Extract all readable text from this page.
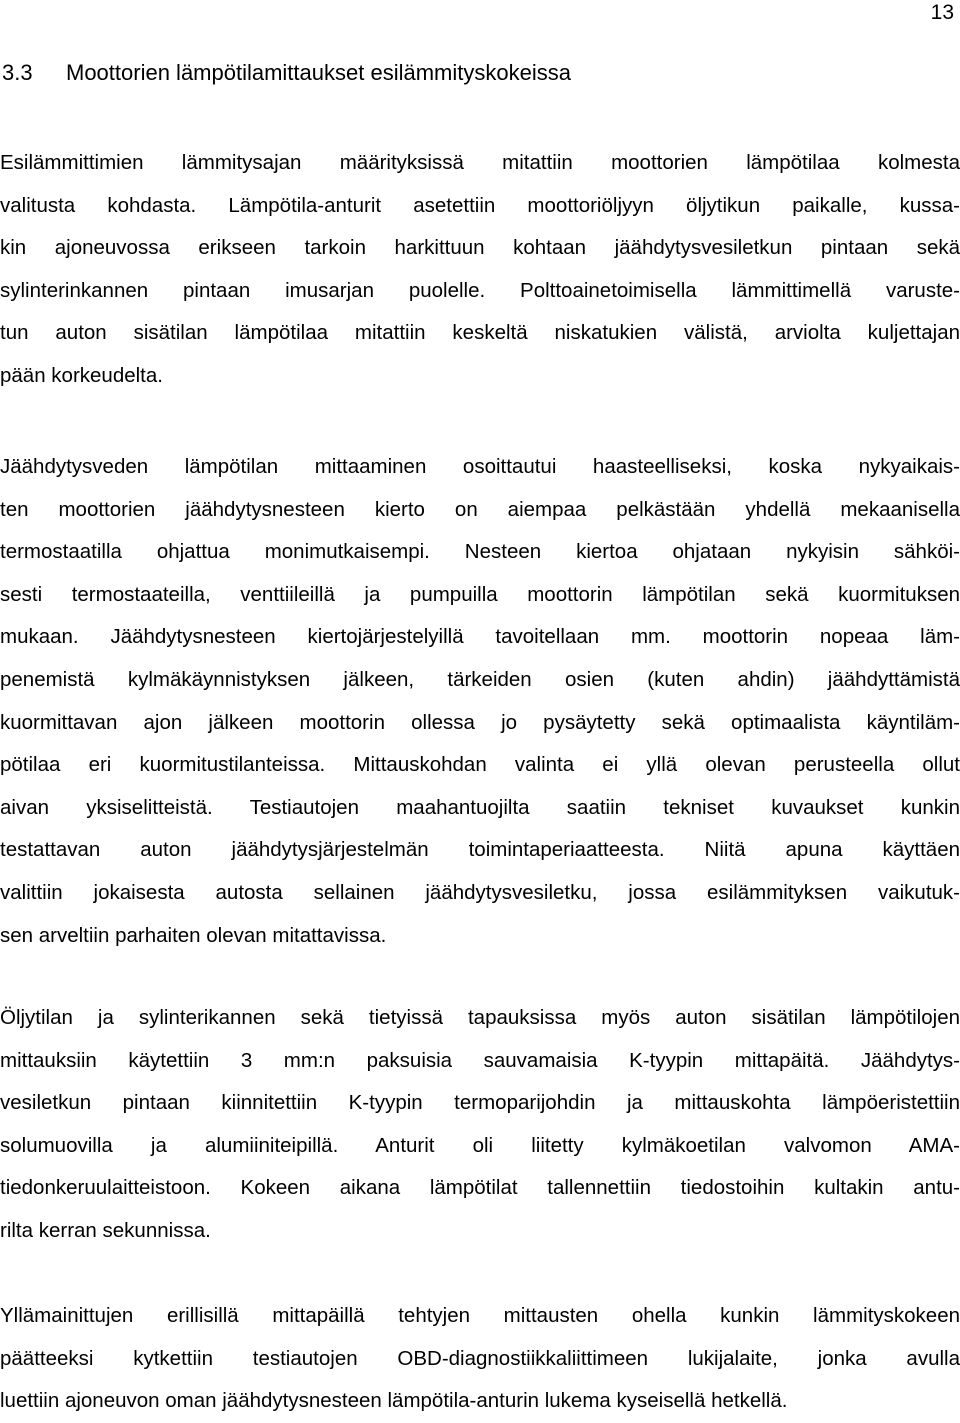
13
3.3 Moottorien lämpötilamittaukset esilämmityskokeissa
Esilämmittimien lämmitysajan määrityksissä mitattiin moottorien lämpötilaa kolmesta
valitusta kohdasta. Lämpötila-anturit asetettiin moottoriöljyyn öljytikun paikalle, kussa-
kin ajoneuvossa erikseen tarkoin harkittuun kohtaan jäähdytysvesiletkun pintaan sekä
sylinterinkannen pintaan imusarjan puolelle. Polttoainetoimisella lämmittimellä varuste-
tun auton sisätilan lämpötilaa mitattiin keskeltä niskatukien välistä, arviolta kuljettajan
pään korkeudelta.
Jäähdytysveden lämpötilan mittaaminen osoittautui haasteelliseksi, koska nykyaikais-
ten moottorien jäähdytysnesteen kierto on aiempaa pelkästään yhdellä mekaanisella
termostaatilla ohjattua monimutkaisempi. Nesteen kiertoa ohjataan nykyisin sähköi-
sesti termostaateilla, venttiileillä ja pumpuilla moottorin lämpötilan sekä kuormituksen
mukaan. Jäähdytysnesteen kiertojärjestelyillä tavoitellaan mm. moottorin nopeaa läm-
penemistä kylmäkäynnistyksen jälkeen, tärkeiden osien (kuten ahdin) jäähdyttämistä
kuormittavan ajon jälkeen moottorin ollessa jo pysäytetty sekä optimaalista käyntiläm-
pötilaa eri kuormitustilanteissa. Mittauskohdan valinta ei yllä olevan perusteella ollut
aivan yksiselitteistä. Testiautojen maahantuojilta saatiin tekniset kuvaukset kunkin
testattavan auton jäähdytysjärjestelmän toimintaperiaatteesta. Niitä apuna käyttäen
valittiin jokaisesta autosta sellainen jäähdytysvesiletku, jossa esilämmityksen vaikutuk-
sen arveltiin parhaiten olevan mitattavissa.
Öljytilan ja sylinterikannen sekä tietyissä tapauksissa myös auton sisätilan lämpötilojen
mittauksiin käytettiin 3 mm:n paksuisia sauvamaisia K-tyypin mittapäitä. Jäähdytys-
vesiletkun pintaan kiinnitettiin K-tyypin termoparijohdin ja mittauskohta lämpöeristettiin
solumuovilla ja alumiiniteipillä. Anturit oli liitetty kylmäkoetilan valvomon AMA-
tiedonkeruulaitteistoon. Kokeen aikana lämpötilat tallennettiin tiedostoihin kultakin antu-
rilta kerran sekunnissa.
Yllämainittujen erillisillä mittapäillä tehtyjen mittausten ohella kunkin lämmityskokeen
päätteeksi kytkettiin testiautojen OBD-diagnostiikkaliittimeen lukijalaite, jonka avulla
luettiin ajoneuvon oman jäähdytysnesteen lämpötila-anturin lukema kyseisellä hetkellä.
